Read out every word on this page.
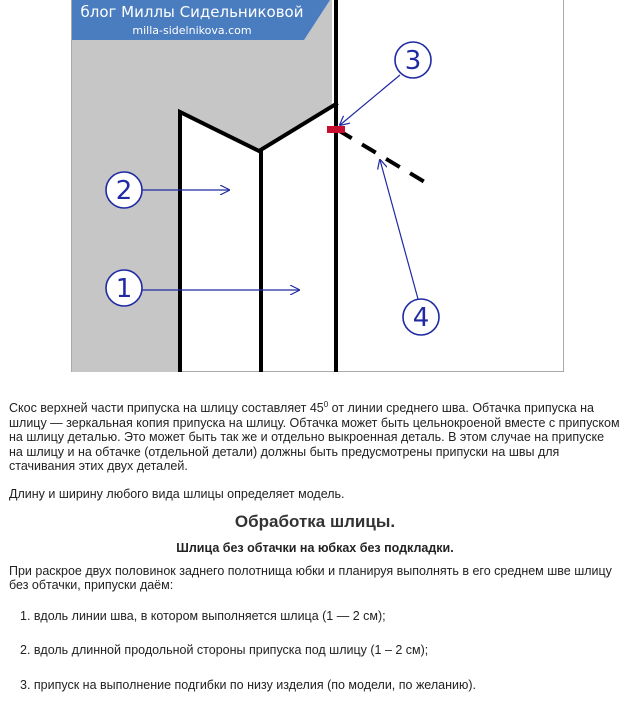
блог Миллы Сидельниковой
milla-sidelnikova.com
1
2
3
4

Скос верхней части припуска на шлицу составляет $45^0$ от линии среднего шва. Обтачка припуска на шлицу — зеркальная копия припуска на шлицу. Обтачка может быть цельнокроеной вместе с припуском на шлицу деталью. Это может быть так же и отдельно выкроенная деталь. В этом случае на припуске на шлицу и на обтачке (отдельной детали) должны быть предусмотрены припуски на швы для стачивания этих двух деталей.

Длину и ширину любого вида шлицы определяет модель.

Обработка шлицы.

Шлица без обтачки на юбках без подкладки.

При раскрое двух половинок заднего полотнища юбки и планируя выполнять в его среднем шве шлицу без обтачки, припуски даём:

1. вдоль линии шва, в котором выполняется шлица (1 — 2 см);
2. вдоль длинной продольной стороны припуска под шлицу (1 – 2 см);
3. припуск на выполнение подгибки по низу изделия (по модели, по желанию).
